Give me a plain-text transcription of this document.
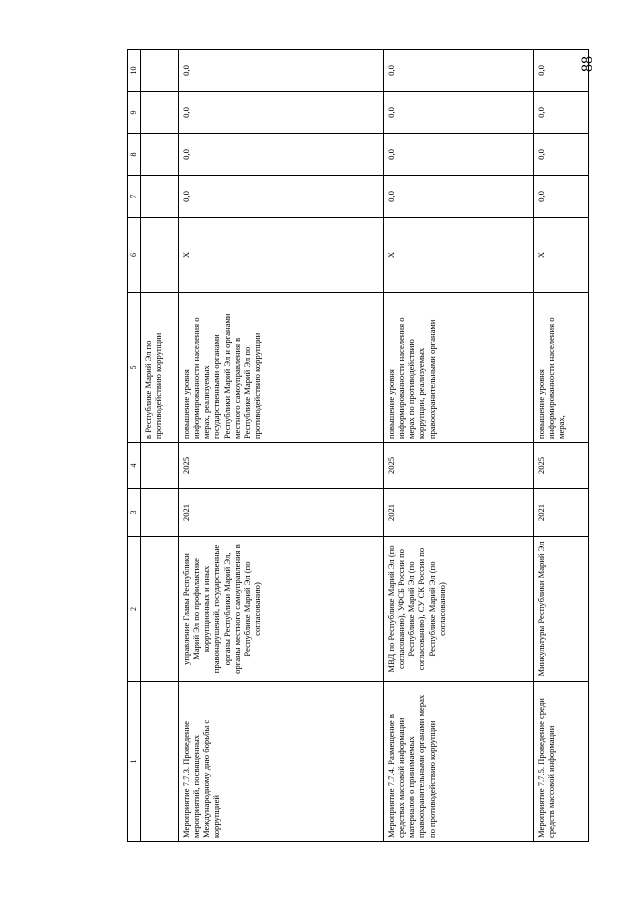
88
1	2	3	4	5	6	7	8	9	10
				в Республике Марий Эл по противодействию коррупции					
Мероприятие 7.7.3. Проведение мероприятий, посвященных Международному дню борьбы с коррупцией	управление Главы Республики Марий Эл по профилактике коррупционных и иных правонарушений, государственные органы Республики Марий Эл, органы местного самоуправления в Республике Марий Эл (по согласованию)	2021	2025	повышение уровня информированности населения о мерах, реализуемых государственными органами Республики Марий Эл и органами местного самоуправления в Республике Марий Эл по противодействию коррупции	Х	0,0	0,0	0,0	0,0
Мероприятие 7.7.4. Размещение в средствах массовой информации материалов о принимаемых правоохранительными органами мерах по противодействию коррупции	МВД по Республике Марий Эл (по согласованию), УФСБ России по Республике Марий Эл (по согласованию), СУ СК России по Республике Марий Эл (по согласованию)	2021	2025	повышение уровня информированности населения о мерах по противодействию коррупции, реализуемых правоохранительными органами	Х	0,0	0,0	0,0	0,0
Мероприятие 7.7.5. Проведение среди средств массовой информации	Минкультуры Республики Марий Эл	2021	2025	повышение уровня информированности населения о мерах,	Х	0,0	0,0	0,0	0,0
